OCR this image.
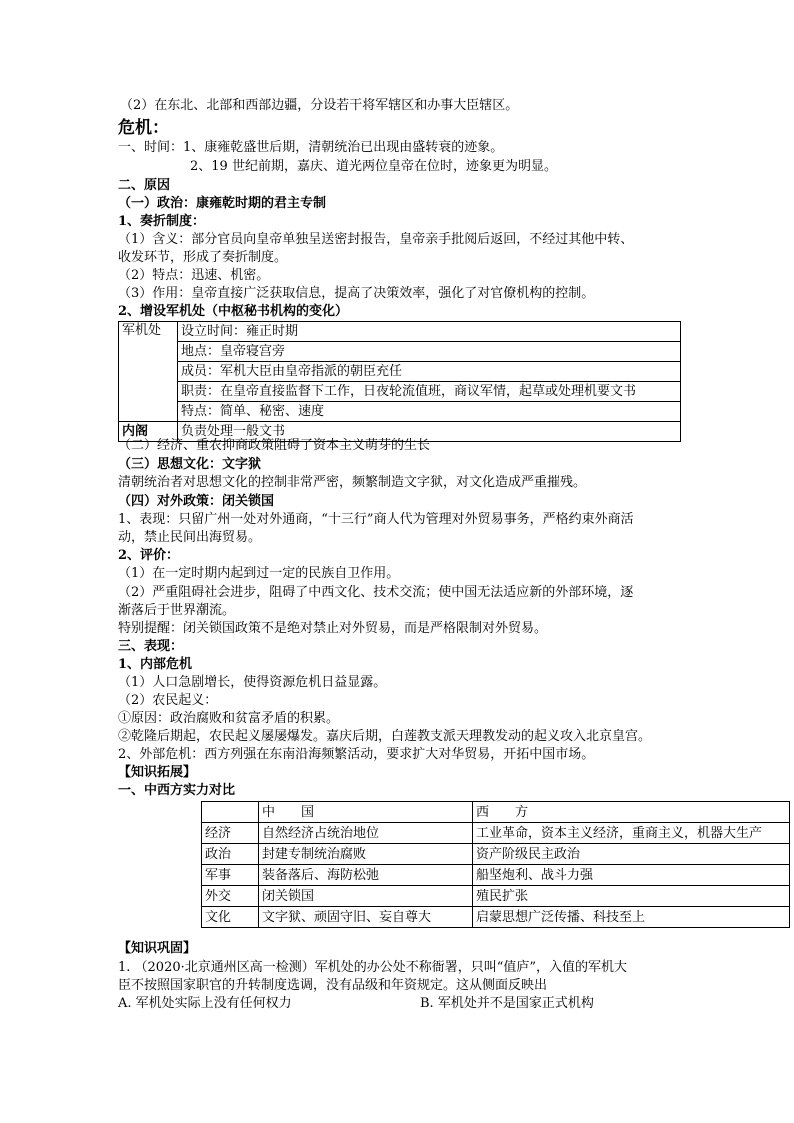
（2）在东北、北部和西部边疆，分设若干将军辖区和办事大臣辖区。
危机：
一、时间：1、康雍乾盛世后期，清朝统治已出现由盛转衰的迹象。
2、19 世纪前期，嘉庆、道光两位皇帝在位时，迹象更为明显。
二、原因
（一）政治：康雍乾时期的君主专制
1、奏折制度：
（1）含义：部分官员向皇帝单独呈送密封报告，皇帝亲手批阅后返回，不经过其他中转、
收发环节，形成了奏折制度。
（2）特点：迅速、机密。
（3）作用：皇帝直接广泛获取信息，提高了决策效率，强化了对官僚机构的控制。
2、增设军机处（中枢秘书机构的变化）
军机处	设立时间：雍正时期
	地点：皇帝寝宫旁
	成员：军机大臣由皇帝指派的朝臣充任
	职责：在皇帝直接监督下工作，日夜轮流值班，商议军情，起草或处理机要文书
	特点：简单、秘密、速度
内阁	负责处理一般文书
（二）经济、重农抑商政策阻碍了资本主义萌芽的生长
（三）思想文化：文字狱
清朝统治者对思想文化的控制非常严密，频繁制造文字狱，对文化造成严重摧残。
（四）对外政策：闭关锁国
1、表现：只留广州一处对外通商，“十三行”商人代为管理对外贸易事务，严格约束外商活
动，禁止民间出海贸易。
2、评价：
（1）在一定时期内起到过一定的民族自卫作用。
（2）严重阻碍社会进步，阻碍了中西文化、技术交流；使中国无法适应新的外部环境，逐
渐落后于世界潮流。
特别提醒：闭关锁国政策不是绝对禁止对外贸易，而是严格限制对外贸易。
三、表现：
1、内部危机
（1）人口急剧增长，使得资源危机日益显露。
（2）农民起义：
①原因：政治腐败和贫富矛盾的积累。
②乾隆后期起，农民起义屡屡爆发。嘉庆后期，白莲教支派天理教发动的起义攻入北京皇宫。
2、外部危机：西方列强在东南沿海频繁活动，要求扩大对华贸易，开拓中国市场。
【知识拓展】
一、中西方实力对比
	中　　国	西　　方
经济	自然经济占统治地位	工业革命，资本主义经济，重商主义，机器大生产
政治	封建专制统治腐败	资产阶级民主政治
军事	装备落后、海防松弛	船坚炮利、战斗力强
外交	闭关锁国	殖民扩张
文化	文字狱、顽固守旧、妄自尊大	启蒙思想广泛传播、科技至上
【知识巩固】
1. （2020·北京通州区高一检测）军机处的办公处不称衙署，只叫“值庐”，入值的军机大
臣不按照国家职官的升转制度选调，没有品级和年资规定。这从侧面反映出
A. 军机处实际上没有任何权力	B. 军机处并不是国家正式机构
